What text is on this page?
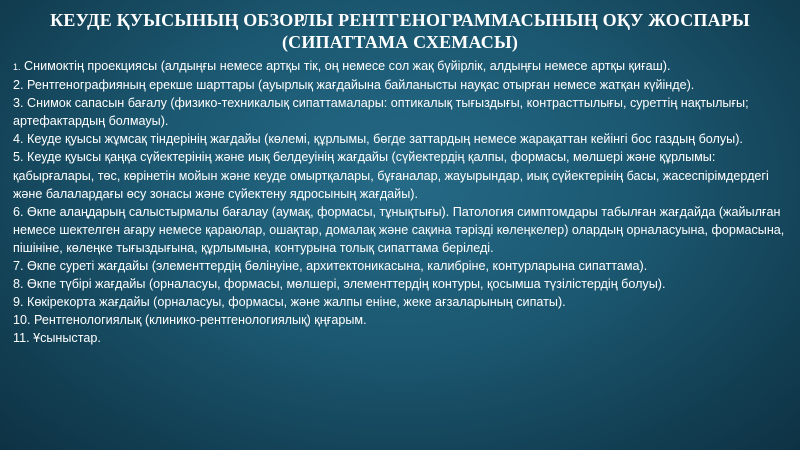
КЕУДЕ ҚУЫСЫНЫҢ ОБЗОРЛЫ РЕНТГЕНОГРАММАСЫНЫҢ ОҚУ ЖОСПАРЫ
(СИПАТТАМА СХЕМАСЫ)

1. Снимоктің проекциясы (алдыңғы немесе артқы тік, оң немесе сол жақ бүйірлік, алдыңғы немесе артқы қиғаш).

2. Рентгенографияның ерекше шарттары (ауырлық жағдайына байланысты науқас отырған немесе жатқан күйінде).

3. Снимок сапасын бағалу (физико-техникалық сипаттамалары: оптикалық тығыздығы, контрасттылығы, суреттің нақтылығы; артефактардың болмауы).

4. Кеуде қуысы жұмсақ тіндерінің жағдайы (көлемі, құрлымы, бөгде заттардың немесе жарақаттан кейінгі бос газдың болуы).

5. Кеуде қуысы қаңқа сүйектерінің және иық белдеуінің жағдайы (сүйектердің қалпы, формасы, мөлшері және құрлымы: қабырғалары, төс, көрінетін мойын және кеуде омыртқалары, бұғаналар, жауырындар, иық сүйектерінің басы, жасеспірімдердегі және балалардағы өсу зонасы және сүйектену ядросының жағдайы).

6. Өкпе алаңдарың салыстырмалы бағалау (аумақ, формасы, тұнықтығы). Патология симптомдары табылған жағдайда (жайылған немесе шектелген ағару немесе қараюлар, ошақтар, домалақ және сақина тәрізді көлеңкелер) олардың орналасуына, формасына, пішініне, көлеңке тығыздығына, құрлымына, контурына толық сипаттама беріледі.

7. Өкпе суреті жағдайы (элементтердің бөлінуіне, архитектоникасына, калибріне, контурларына сипаттама).

8. Өкпе түбірі жағдайы (орналасуы, формасы, мөлшері, элементтердің контуры, қосымша түзілістердің болуы).

9. Көкірекорта жағдайы (орналасуы, формасы, және жалпы еніне, жеке ағзаларының сипаты).

10. Рентгенологиялық (клинико-рентгенологиялық) қңғарым.

11. Ұсыныстар.
